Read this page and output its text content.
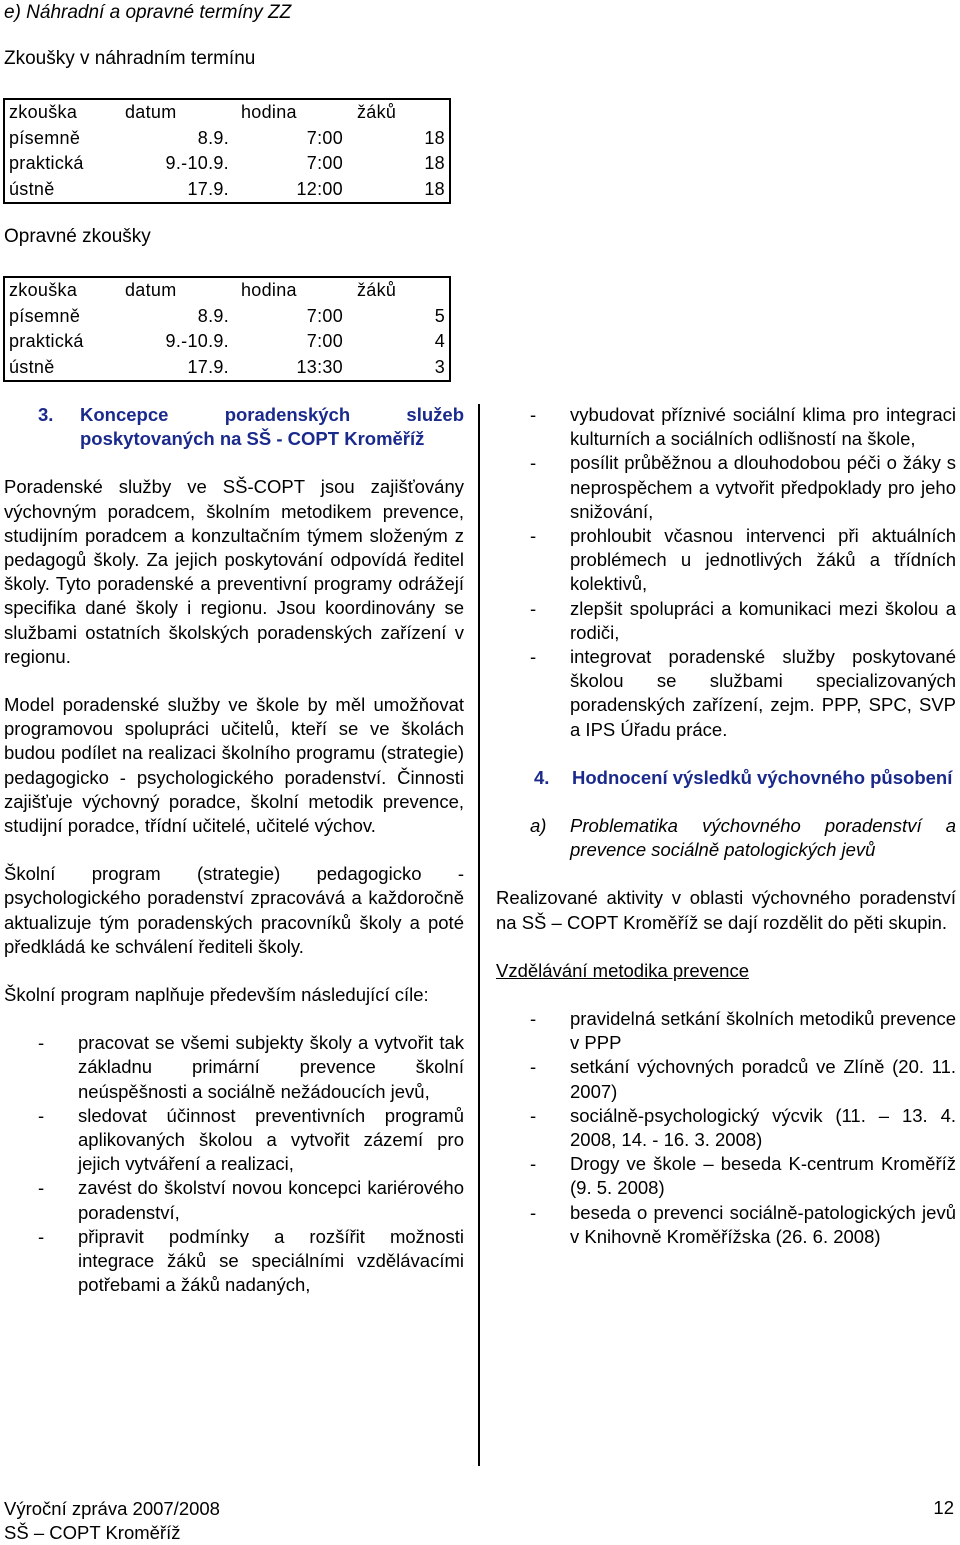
e) Náhradní a opravné termíny ZZ
Zkoušky v náhradním termínu
zkouška	datum	hodina	žáků
písemně	8.9.	7:00	18
praktická	9.-10.9.	7:00	18
ústně	17.9.	12:00	18
Opravné zkoušky
zkouška	datum	hodina	žáků
písemně	8.9.	7:00	5
praktická	9.-10.9.	7:00	4
ústně	17.9.	13:30	3
3.	Koncepce poradenských služeb poskytovaných na SŠ - COPT Kroměříž

Poradenské služby ve SŠ-COPT jsou zajišťovány výchovným poradcem, školním metodikem prevence, studijním poradcem a konzultačním týmem složeným z pedagogů školy. Za jejich poskytování odpovídá ředitel školy. Tyto poradenské a preventivní programy odrážejí specifika dané školy i regionu. Jsou koordinovány se službami ostatních školských poradenských zařízení v regionu.

Model poradenské služby ve škole by měl umožňovat programovou spolupráci učitelů, kteří se ve školách budou podílet na realizaci školního programu (strategie) pedagogicko - psychologického poradenství. Činnosti zajišťuje výchovný poradce, školní metodik prevence, studijní poradce, třídní učitelé, učitelé výchov.

Školní program (strategie) pedagogicko - psychologického poradenství zpracovává a každoročně aktualizuje tým poradenských pracovníků školy a poté předkládá ke schválení řediteli školy.

Školní program naplňuje především následující cíle:

-	pracovat se všemi subjekty školy a vytvořit tak základnu primární prevence školní neúspěšnosti a sociálně nežádoucích jevů,
-	sledovat účinnost preventivních programů aplikovaných školou a vytvořit zázemí pro jejich vytváření a realizaci,
-	zavést do školství novou koncepci kariérového poradenství,
-	připravit podmínky a rozšířit možnosti integrace žáků se speciálními vzdělávacími potřebami a žáků nadaných,
-	vybudovat příznivé sociální klima pro integraci kulturních a sociálních odlišností na škole,
-	posílit průběžnou a dlouhodobou péči o žáky s neprospěchem a vytvořit předpoklady pro jeho snižování,
-	prohloubit včasnou intervenci při aktuálních problémech u jednotlivých žáků a třídních kolektivů,
-	zlepšit spolupráci a komunikaci mezi školou a rodiči,
-	integrovat poradenské služby poskytované školou se službami specializovaných poradenských zařízení, zejm. PPP, SPC, SVP a IPS Úřadu práce.
4.	Hodnocení výsledků výchovného působení
a)	Problematika výchovného poradenství a prevence sociálně patologických jevů

Realizované aktivity v oblasti výchovného poradenství na SŠ – COPT Kroměříž se dají rozdělit do pěti skupin.

Vzdělávání metodika prevence

-	pravidelná setkání školních metodiků prevence v PPP
-	setkání výchovných poradců ve Zlíně (20. 11. 2007)
-	sociálně-psychologický výcvik (11. – 13. 4. 2008, 14. - 16. 3. 2008)
-	Drogy ve škole – beseda K-centrum Kroměříž (9. 5. 2008)
-	beseda o prevenci sociálně-patologických jevů v Knihovně Kroměřížska (26. 6. 2008)
Výroční zpráva 2007/2008
SŠ – COPT Kroměříž
12
